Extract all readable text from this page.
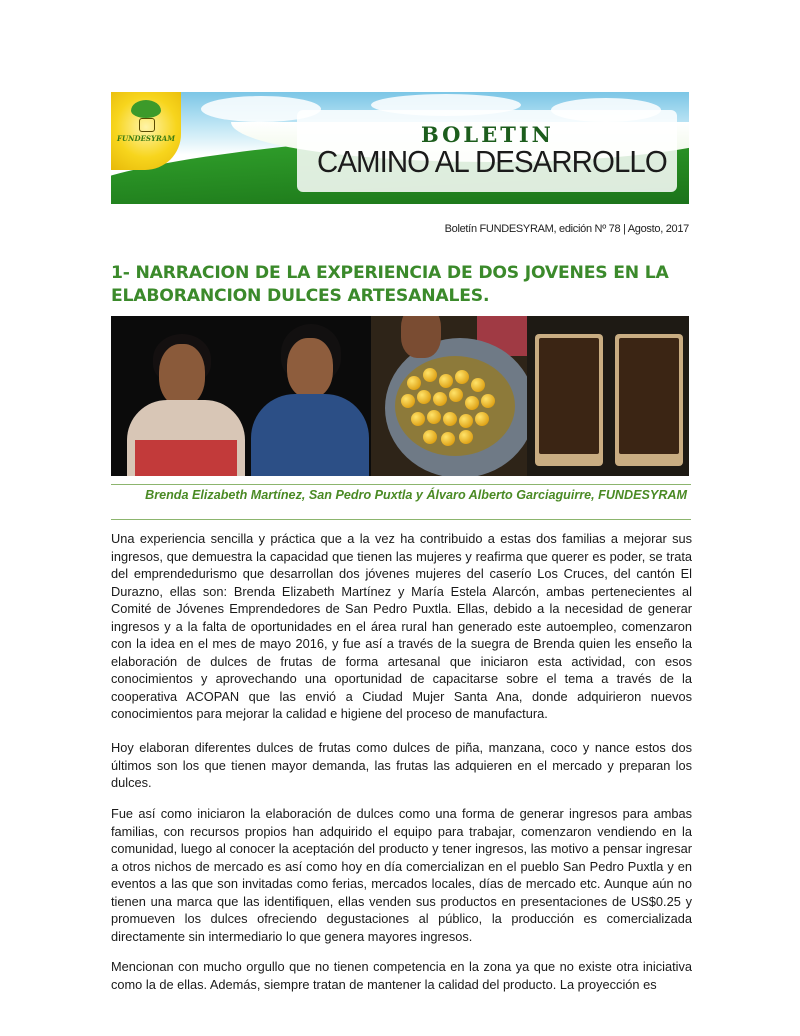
BOLETIN
CAMINO AL DESARROLLO
FUNDESYRAM
Boletín FUNDESYRAM, edición Nº 78 | Agosto, 2017
1- NARRACION DE LA EXPERIENCIA DE DOS JOVENES EN LA ELABORANCION DULCES ARTESANALES.
Brenda Elizabeth Martínez, San Pedro Puxtla y Álvaro Alberto Garciaguirre, FUNDESYRAM

Una experiencia sencilla y práctica que a la vez ha contribuido a estas dos familias a mejorar sus ingresos, que demuestra la capacidad que tienen las mujeres y reafirma que querer es poder, se trata del emprendedurismo que desarrollan dos jóvenes mujeres del caserío Los Cruces, del cantón El Durazno, ellas son: Brenda Elizabeth Martínez y María Estela Alarcón, ambas pertenecientes al Comité de Jóvenes Emprendedores de San Pedro Puxtla. Ellas, debido a la necesidad de generar ingresos y a la falta de oportunidades en el área rural han generado este autoempleo, comenzaron con la idea en el mes de mayo 2016, y fue así a través de la suegra de Brenda quien les enseño la elaboración de dulces de frutas de forma artesanal que iniciaron esta actividad, con esos conocimientos y aprovechando una oportunidad de capacitarse sobre el tema a través de la cooperativa ACOPAN que las envió a Ciudad Mujer Santa Ana, donde adquirieron nuevos conocimientos para mejorar la calidad e higiene del proceso de manufactura.

Hoy elaboran diferentes dulces de frutas como dulces de piña, manzana, coco y nance estos dos últimos son los que tienen mayor demanda, las frutas las adquieren en el mercado y preparan los dulces.

Fue así como iniciaron la elaboración de dulces como una forma de generar ingresos para ambas familias, con recursos propios han adquirido el equipo para trabajar, comenzaron vendiendo en la comunidad, luego al conocer la aceptación del producto y tener ingresos, las motivo a pensar ingresar a otros nichos de mercado es así como hoy en día comercializan en el pueblo San Pedro Puxtla y en eventos a las que son invitadas como ferias, mercados locales, días de mercado etc. Aunque aún no tienen una marca que las identifiquen, ellas venden sus productos en presentaciones de US$0.25 y promueven los dulces ofreciendo degustaciones al público, la producción es comercializada directamente sin intermediario lo que genera mayores ingresos.

Mencionan con mucho orgullo que no tienen competencia en la zona ya que no existe otra iniciativa como la de ellas. Además, siempre tratan de mantener la calidad del producto. La proyección es
